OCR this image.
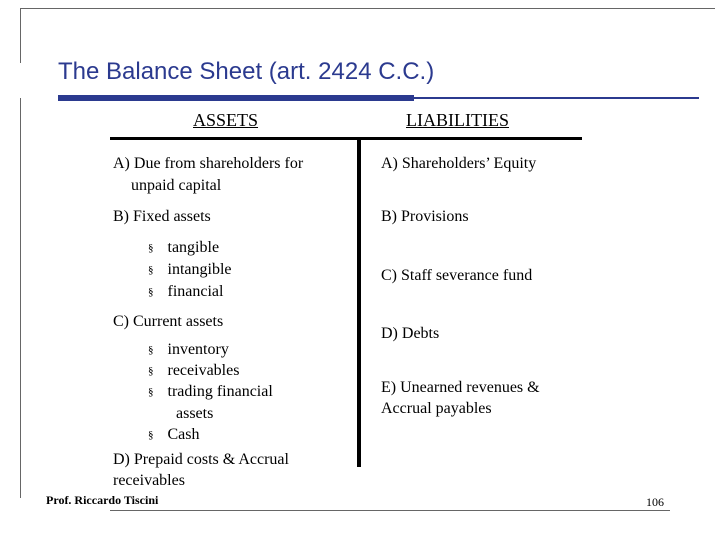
The Balance Sheet (art. 2424 C.C.)
ASSETS	LIABILITIES
A) Due from shareholders for
unpaid capital
B) Fixed assets
§ tangible
§ intangible
§ financial
C) Current assets
§ inventory
§ receivables
§ trading financial
assets
§ Cash
D) Prepaid costs & Accrual
receivables
A) Shareholders’ Equity
B) Provisions
C) Staff severance fund
D) Debts
E) Unearned revenues &
Accrual payables
Prof. Riccardo Tiscini	106
